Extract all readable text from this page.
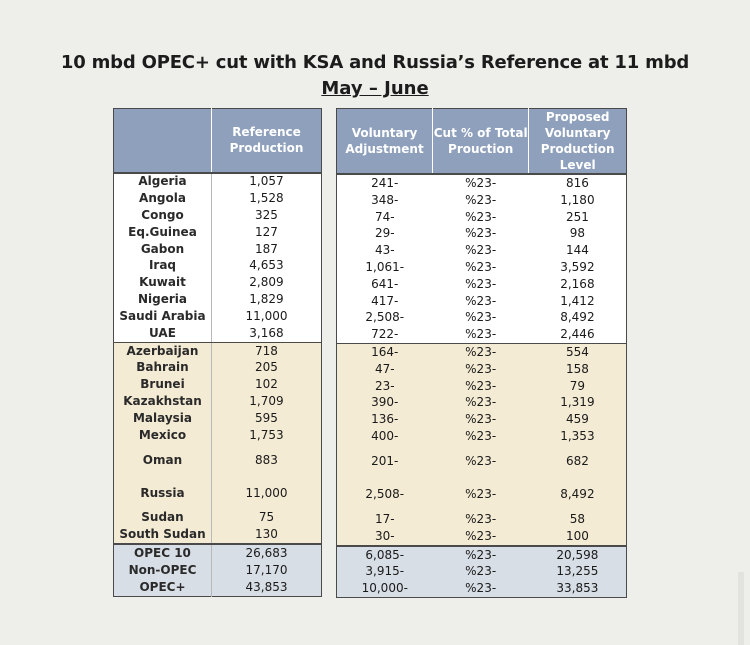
10 mbd OPEC+ cut with KSA and Russia’s Reference at 11 mbd
May – June
	Reference Production
Algeria	1,057
Angola	1,528
Congo	325
Eq.Guinea	127
Gabon	187
Iraq	4,653
Kuwait	2,809
Nigeria	1,829
Saudi Arabia	11,000
UAE	3,168
Azerbaijan	718
Bahrain	205
Brunei	102
Kazakhstan	1,709
Malaysia	595
Mexico	1,753
Oman	883
Russia	11,000
Sudan	75
South Sudan	130
OPEC 10	26,683
Non-OPEC	17,170
OPEC+	43,853
Voluntary Adjustment	Cut % of Total Prouction	Proposed Voluntary Production Level
241-	%23-	816
348-	%23-	1,180
74-	%23-	251
29-	%23-	98
43-	%23-	144
1,061-	%23-	3,592
641-	%23-	2,168
417-	%23-	1,412
2,508-	%23-	8,492
722-	%23-	2,446
164-	%23-	554
47-	%23-	158
23-	%23-	79
390-	%23-	1,319
136-	%23-	459
400-	%23-	1,353
201-	%23-	682
2,508-	%23-	8,492
17-	%23-	58
30-	%23-	100
6,085-	%23-	20,598
3,915-	%23-	13,255
10,000-	%23-	33,853
